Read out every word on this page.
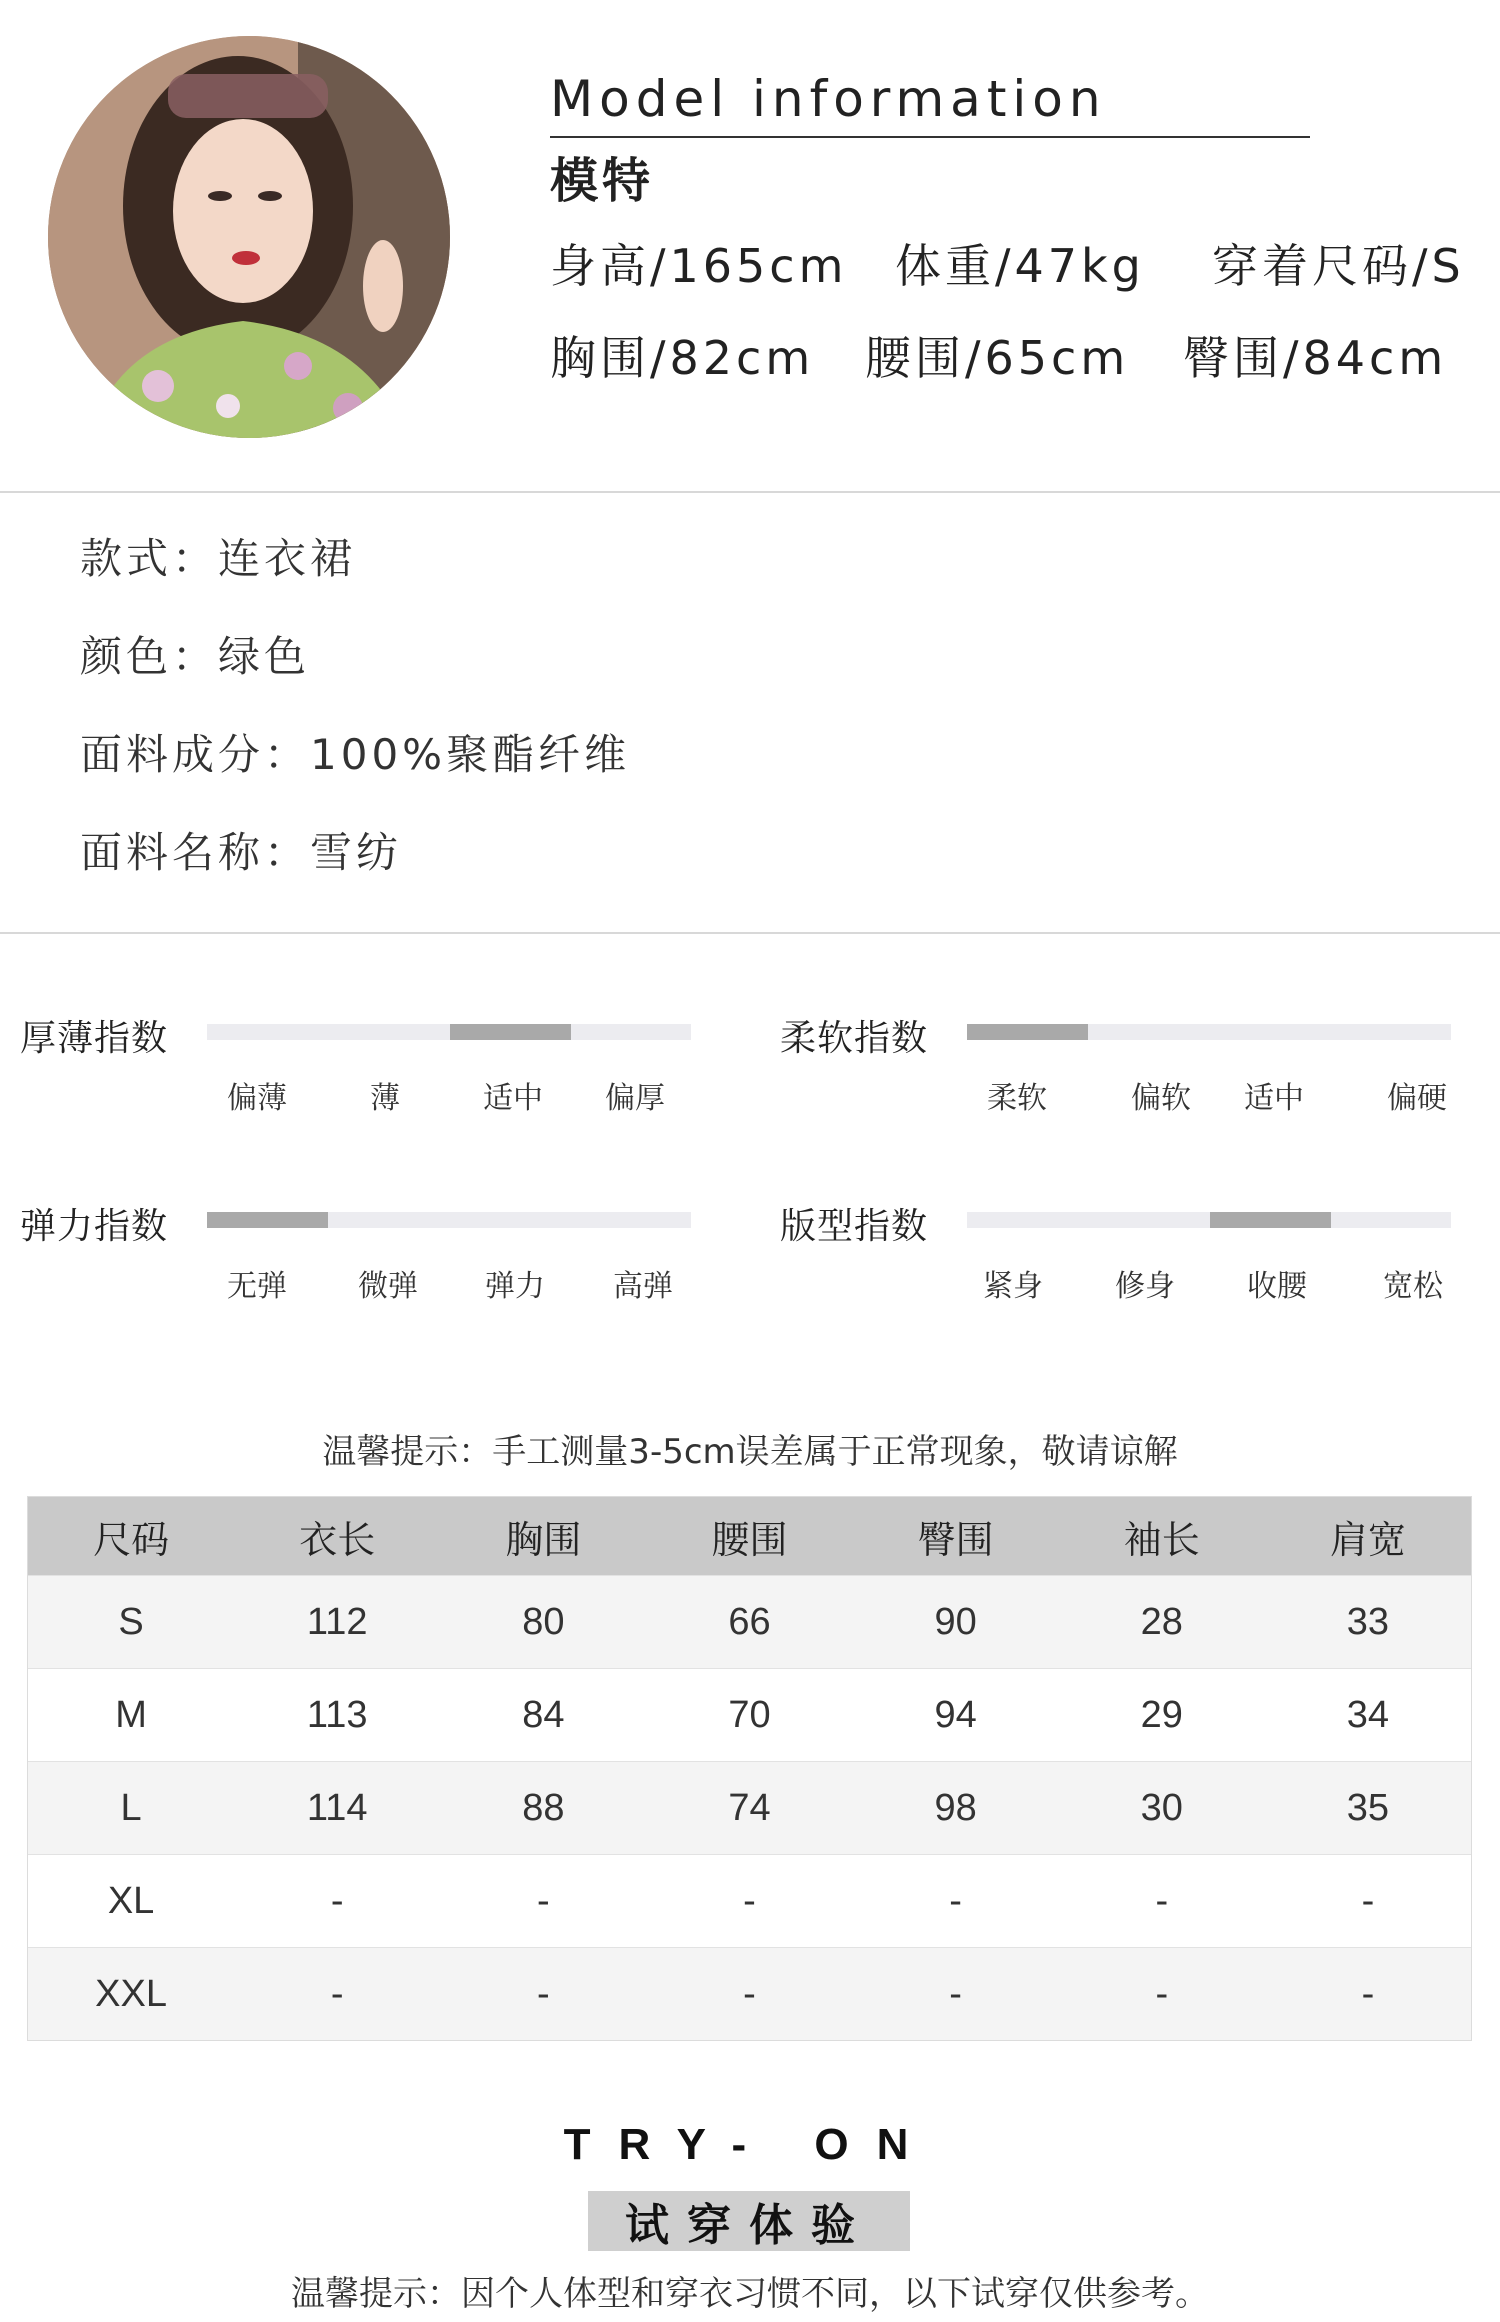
Model information
模特
身高/165cm 体重/47kg 穿着尺码/S
胸围/82cm 腰围/65cm 臀围/84cm
款式：连衣裙
颜色：绿色
面料成分：100%聚酯纤维
面料名称：雪纺
厚薄指数
偏薄	薄	适中	偏厚
柔软指数
柔软	偏软	适中	偏硬
弹力指数
无弹	微弹	弹力	高弹
版型指数
紧身	修身	收腰	宽松
温馨提示：手工测量3-5cm误差属于正常现象，敬请谅解
尺码	衣长	胸围	腰围	臀围	袖长	肩宽
S	112	80	66	90	28	33
M	113	84	70	94	29	34
L	114	88	74	98	30	35
XL	-	-	-	-	-	-
XXL	-	-	-	-	-	-
TRY- ON
试穿体验
温馨提示：因个人体型和穿衣习惯不同，以下试穿仅供参考。
